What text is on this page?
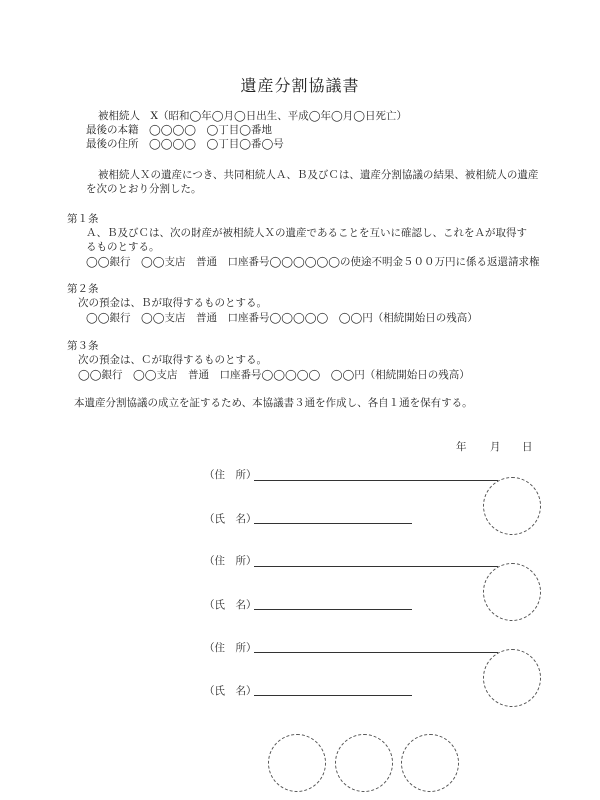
遺産分割協議書

被相続人　X（昭和◯年◯月◯日出生、平成◯年◯月◯日死亡）

最後の本籍　◯◯◯◯　◯丁目◯番地

最後の住所　◯◯◯◯　◯丁目◯番◯号

被相続人Ｘの遺産につき、共同相続人Ａ、Ｂ及びＣは、遺産分割協議の結果、被相続人の遺産

を次のとおり分割した。

第１条

Ａ、Ｂ及びＣは、次の財産が被相続人Ｘの遺産であることを互いに確認し、これをＡが取得す

るものとする。

◯◯銀行　◯◯支店　普通　口座番号◯◯◯◯◯◯の使途不明金５００万円に係る返還請求権

第２条

次の預金は、Ｂが取得するものとする。

◯◯銀行　◯◯支店　普通　口座番号◯◯◯◯◯　◯◯円（相続開始日の残高）

第３条

次の預金は、Ｃが取得するものとする。

◯◯銀行　◯◯支店　普通　口座番号◯◯◯◯◯　◯◯円（相続開始日の残高）

本遺産分割協議の成立を証するため、本協議書３通を作成し、各自１通を保有する。

年 月 日

（住　所）

（氏　名）

（住　所）

（氏　名）

（住　所）

（氏　名）
